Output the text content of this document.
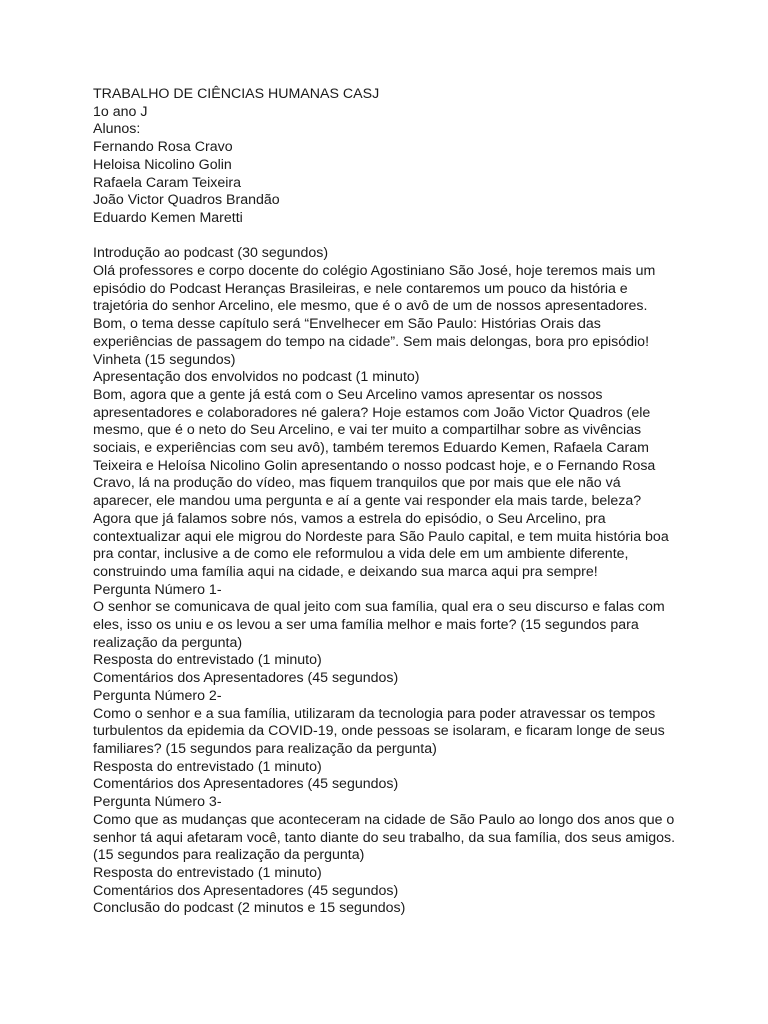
TRABALHO DE CIÊNCIAS HUMANAS CASJ
1o ano J
Alunos:
Fernando Rosa Cravo
Heloisa Nicolino Golin
Rafaela Caram Teixeira
João Victor Quadros Brandão
Eduardo Kemen Maretti
Introdução ao podcast (30 segundos)
Olá professores e corpo docente do colégio Agostiniano São José, hoje teremos mais um
episódio do Podcast Heranças Brasileiras, e nele contaremos um pouco da história e
trajetória do senhor Arcelino, ele mesmo, que é o avô de um de nossos apresentadores.
Bom, o tema desse capítulo será “Envelhecer em São Paulo: Histórias Orais das
experiências de passagem do tempo na cidade”. Sem mais delongas, bora pro episódio!
Vinheta (15 segundos)
Apresentação dos envolvidos no podcast (1 minuto)
Bom, agora que a gente já está com o Seu Arcelino vamos apresentar os nossos
apresentadores e colaboradores né galera? Hoje estamos com João Victor Quadros (ele
mesmo, que é o neto do Seu Arcelino, e vai ter muito a compartilhar sobre as vivências
sociais, e experiências com seu avô), também teremos Eduardo Kemen, Rafaela Caram
Teixeira e Heloísa Nicolino Golin apresentando o nosso podcast hoje, e o Fernando Rosa
Cravo, lá na produção do vídeo, mas fiquem tranquilos que por mais que ele não vá
aparecer, ele mandou uma pergunta e aí a gente vai responder ela mais tarde, beleza?
Agora que já falamos sobre nós, vamos a estrela do episódio, o Seu Arcelino, pra
contextualizar aqui ele migrou do Nordeste para São Paulo capital, e tem muita história boa
pra contar, inclusive a de como ele reformulou a vida dele em um ambiente diferente,
construindo uma família aqui na cidade, e deixando sua marca aqui pra sempre!
Pergunta Número 1-
O senhor se comunicava de qual jeito com sua família, qual era o seu discurso e falas com
eles, isso os uniu e os levou a ser uma família melhor e mais forte? (15 segundos para
realização da pergunta)
Resposta do entrevistado (1 minuto)
Comentários dos Apresentadores (45 segundos)
Pergunta Número 2-
Como o senhor e a sua família, utilizaram da tecnologia para poder atravessar os tempos
turbulentos da epidemia da COVID-19, onde pessoas se isolaram, e ficaram longe de seus
familiares? (15 segundos para realização da pergunta)
Resposta do entrevistado (1 minuto)
Comentários dos Apresentadores (45 segundos)
Pergunta Número 3-
Como que as mudanças que aconteceram na cidade de São Paulo ao longo dos anos que o
senhor tá aqui afetaram você, tanto diante do seu trabalho, da sua família, dos seus amigos.
(15 segundos para realização da pergunta)
Resposta do entrevistado (1 minuto)
Comentários dos Apresentadores (45 segundos)
Conclusão do podcast (2 minutos e 15 segundos)
